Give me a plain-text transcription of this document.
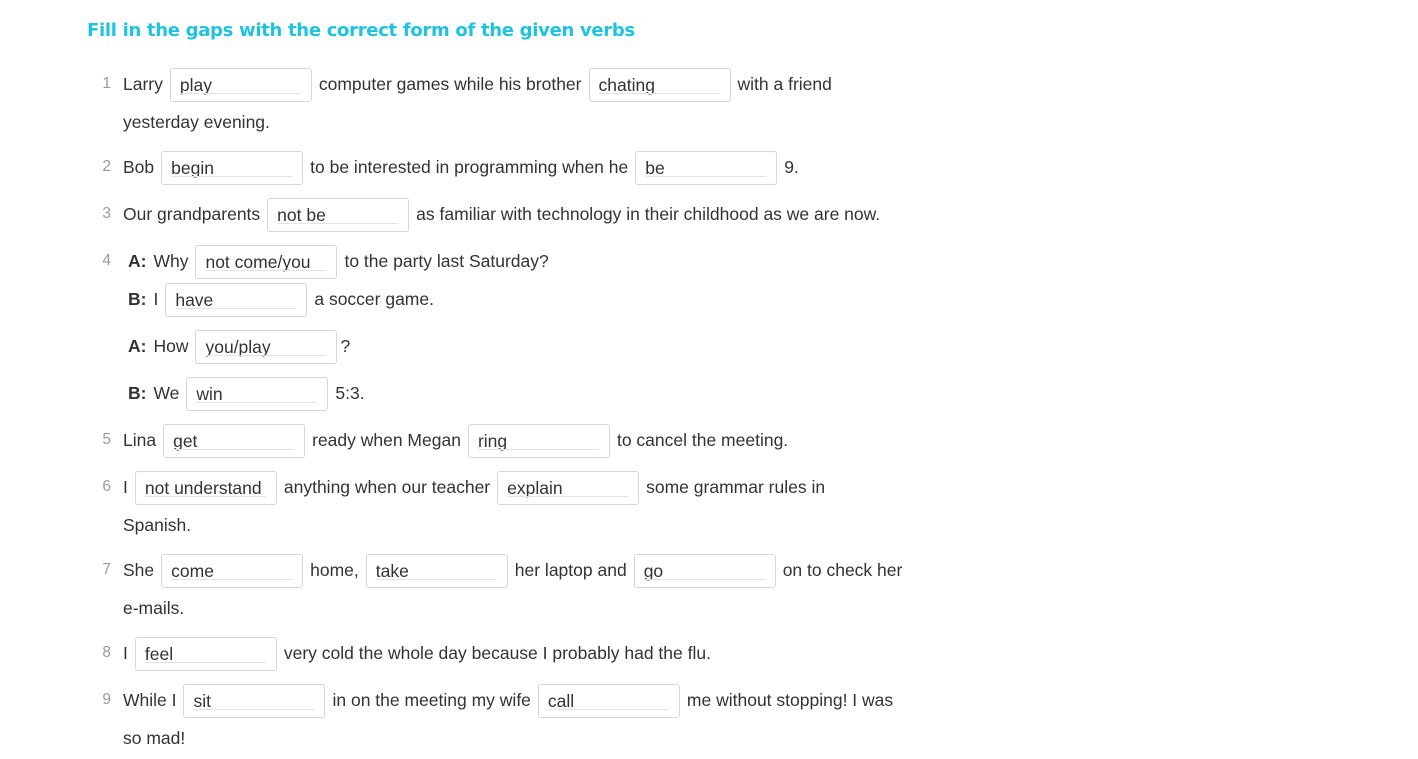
Fill in the gaps with the correct form of the given verbs
1 Larry play	computer games while his brother chating	with a friend
yesterday evening.
2 Bob begin	to be interested in programming when he be	9.
3 Our grandparents not be	as familiar with technology in their childhood as we are now.
4 A: Why not come/you	to the party last Saturday?
B: I have	a soccer game.
A: How you/play	?
B: We win	5:3.
5 Lina get	ready when Megan ring	to cancel the meeting.
6 I not understand	anything when our teacher explain	some grammar rules in
Spanish.
7 She come	home, take	her laptop and go	on to check her
e-mails.
8 I feel	very cold the whole day because I probably had the flu.
9 While I sit	in on the meeting my wife call	me without stopping! I was
so mad!
